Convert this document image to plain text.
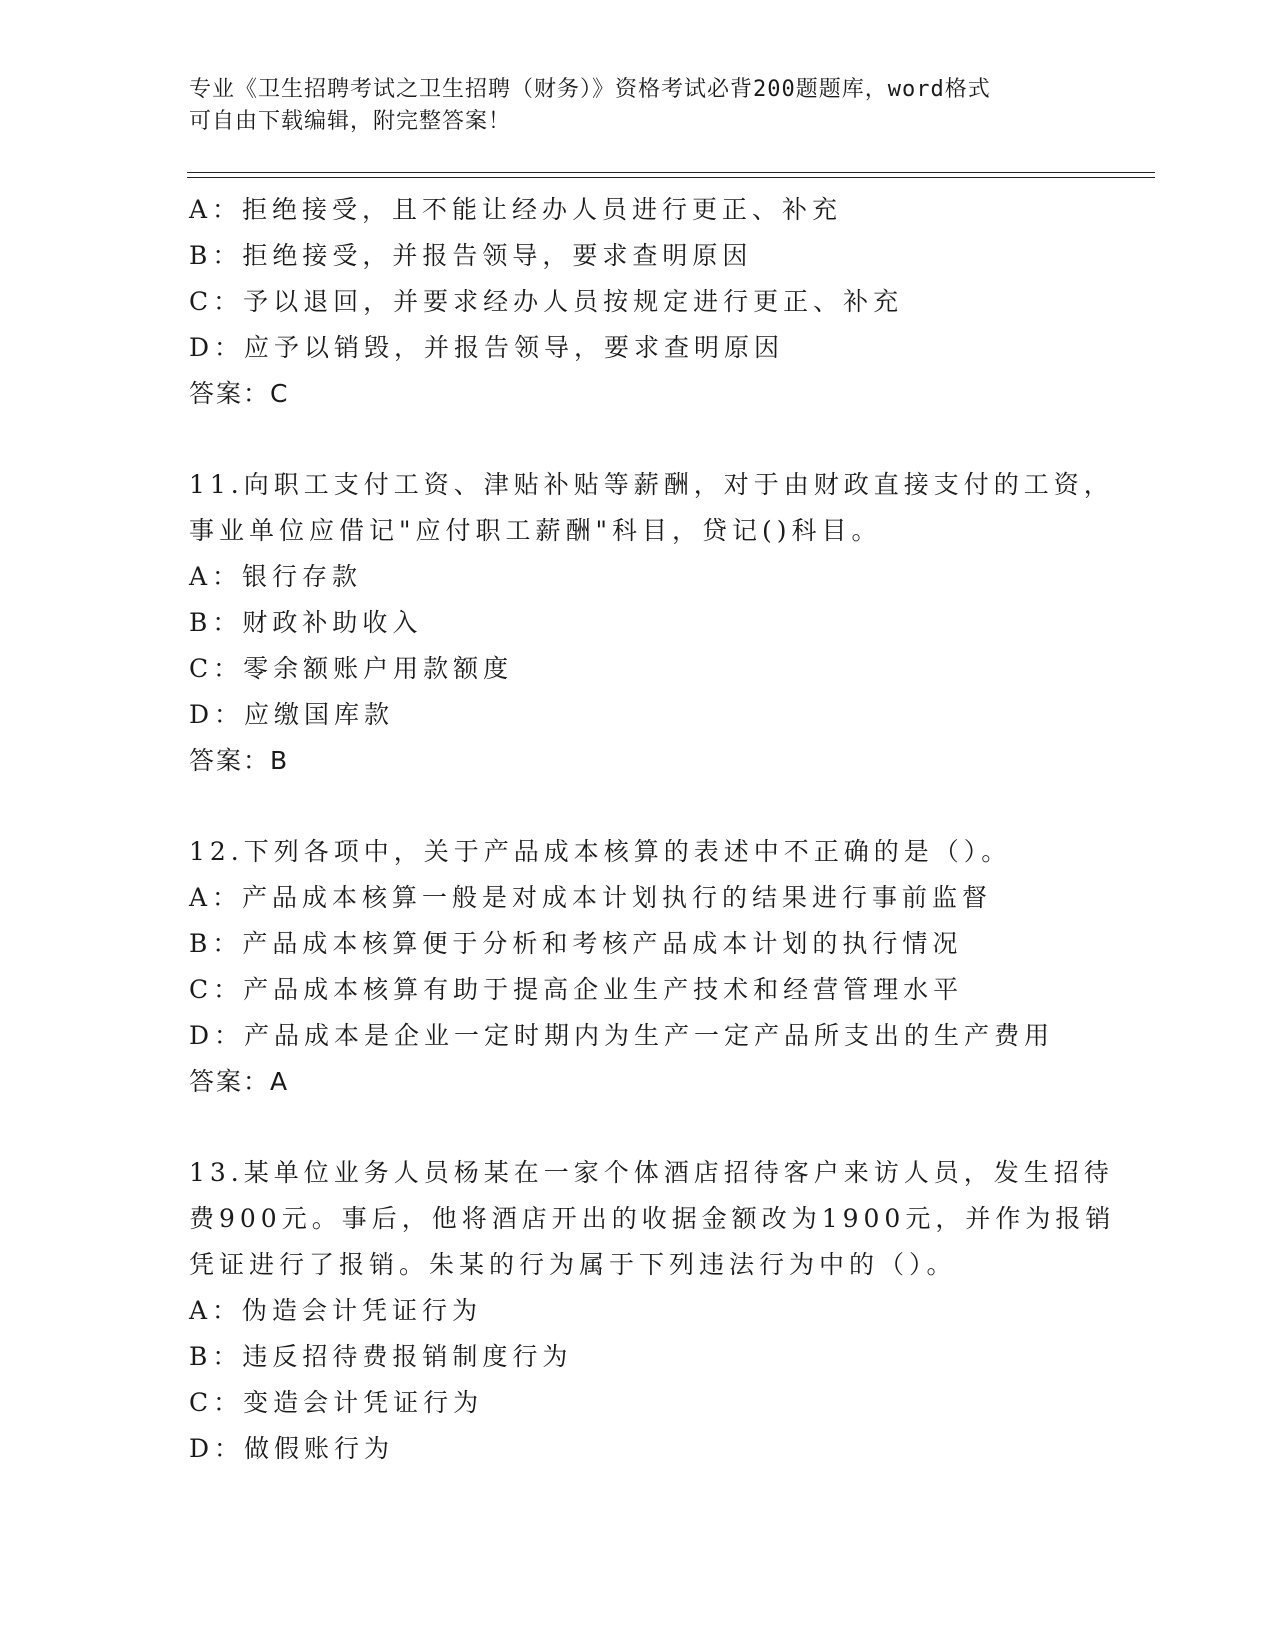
专业《卫生招聘考试之卫生招聘（财务）》资格考试必背200题题库，word格式
可自由下载编辑，附完整答案！
A：拒绝接受，且不能让经办人员进行更正、补充
B：拒绝接受，并报告领导，要求查明原因
C：予以退回，并要求经办人员按规定进行更正、补充
D：应予以销毁，并报告领导，要求查明原因
答案：C
11.向职工支付工资、津贴补贴等薪酬，对于由财政直接支付的工资，
事业单位应借记"应付职工薪酬"科目，贷记()科目。
A：银行存款
B：财政补助收入
C：零余额账户用款额度
D：应缴国库款
答案：B
12.下列各项中，关于产品成本核算的表述中不正确的是（）。
A：产品成本核算一般是对成本计划执行的结果进行事前监督
B：产品成本核算便于分析和考核产品成本计划的执行情况
C：产品成本核算有助于提高企业生产技术和经营管理水平
D：产品成本是企业一定时期内为生产一定产品所支出的生产费用
答案：A
13.某单位业务人员杨某在一家个体酒店招待客户来访人员，发生招待
费900元。事后，他将酒店开出的收据金额改为1900元，并作为报销
凭证进行了报销。朱某的行为属于下列违法行为中的（）。
A：伪造会计凭证行为
B：违反招待费报销制度行为
C：变造会计凭证行为
D：做假账行为
